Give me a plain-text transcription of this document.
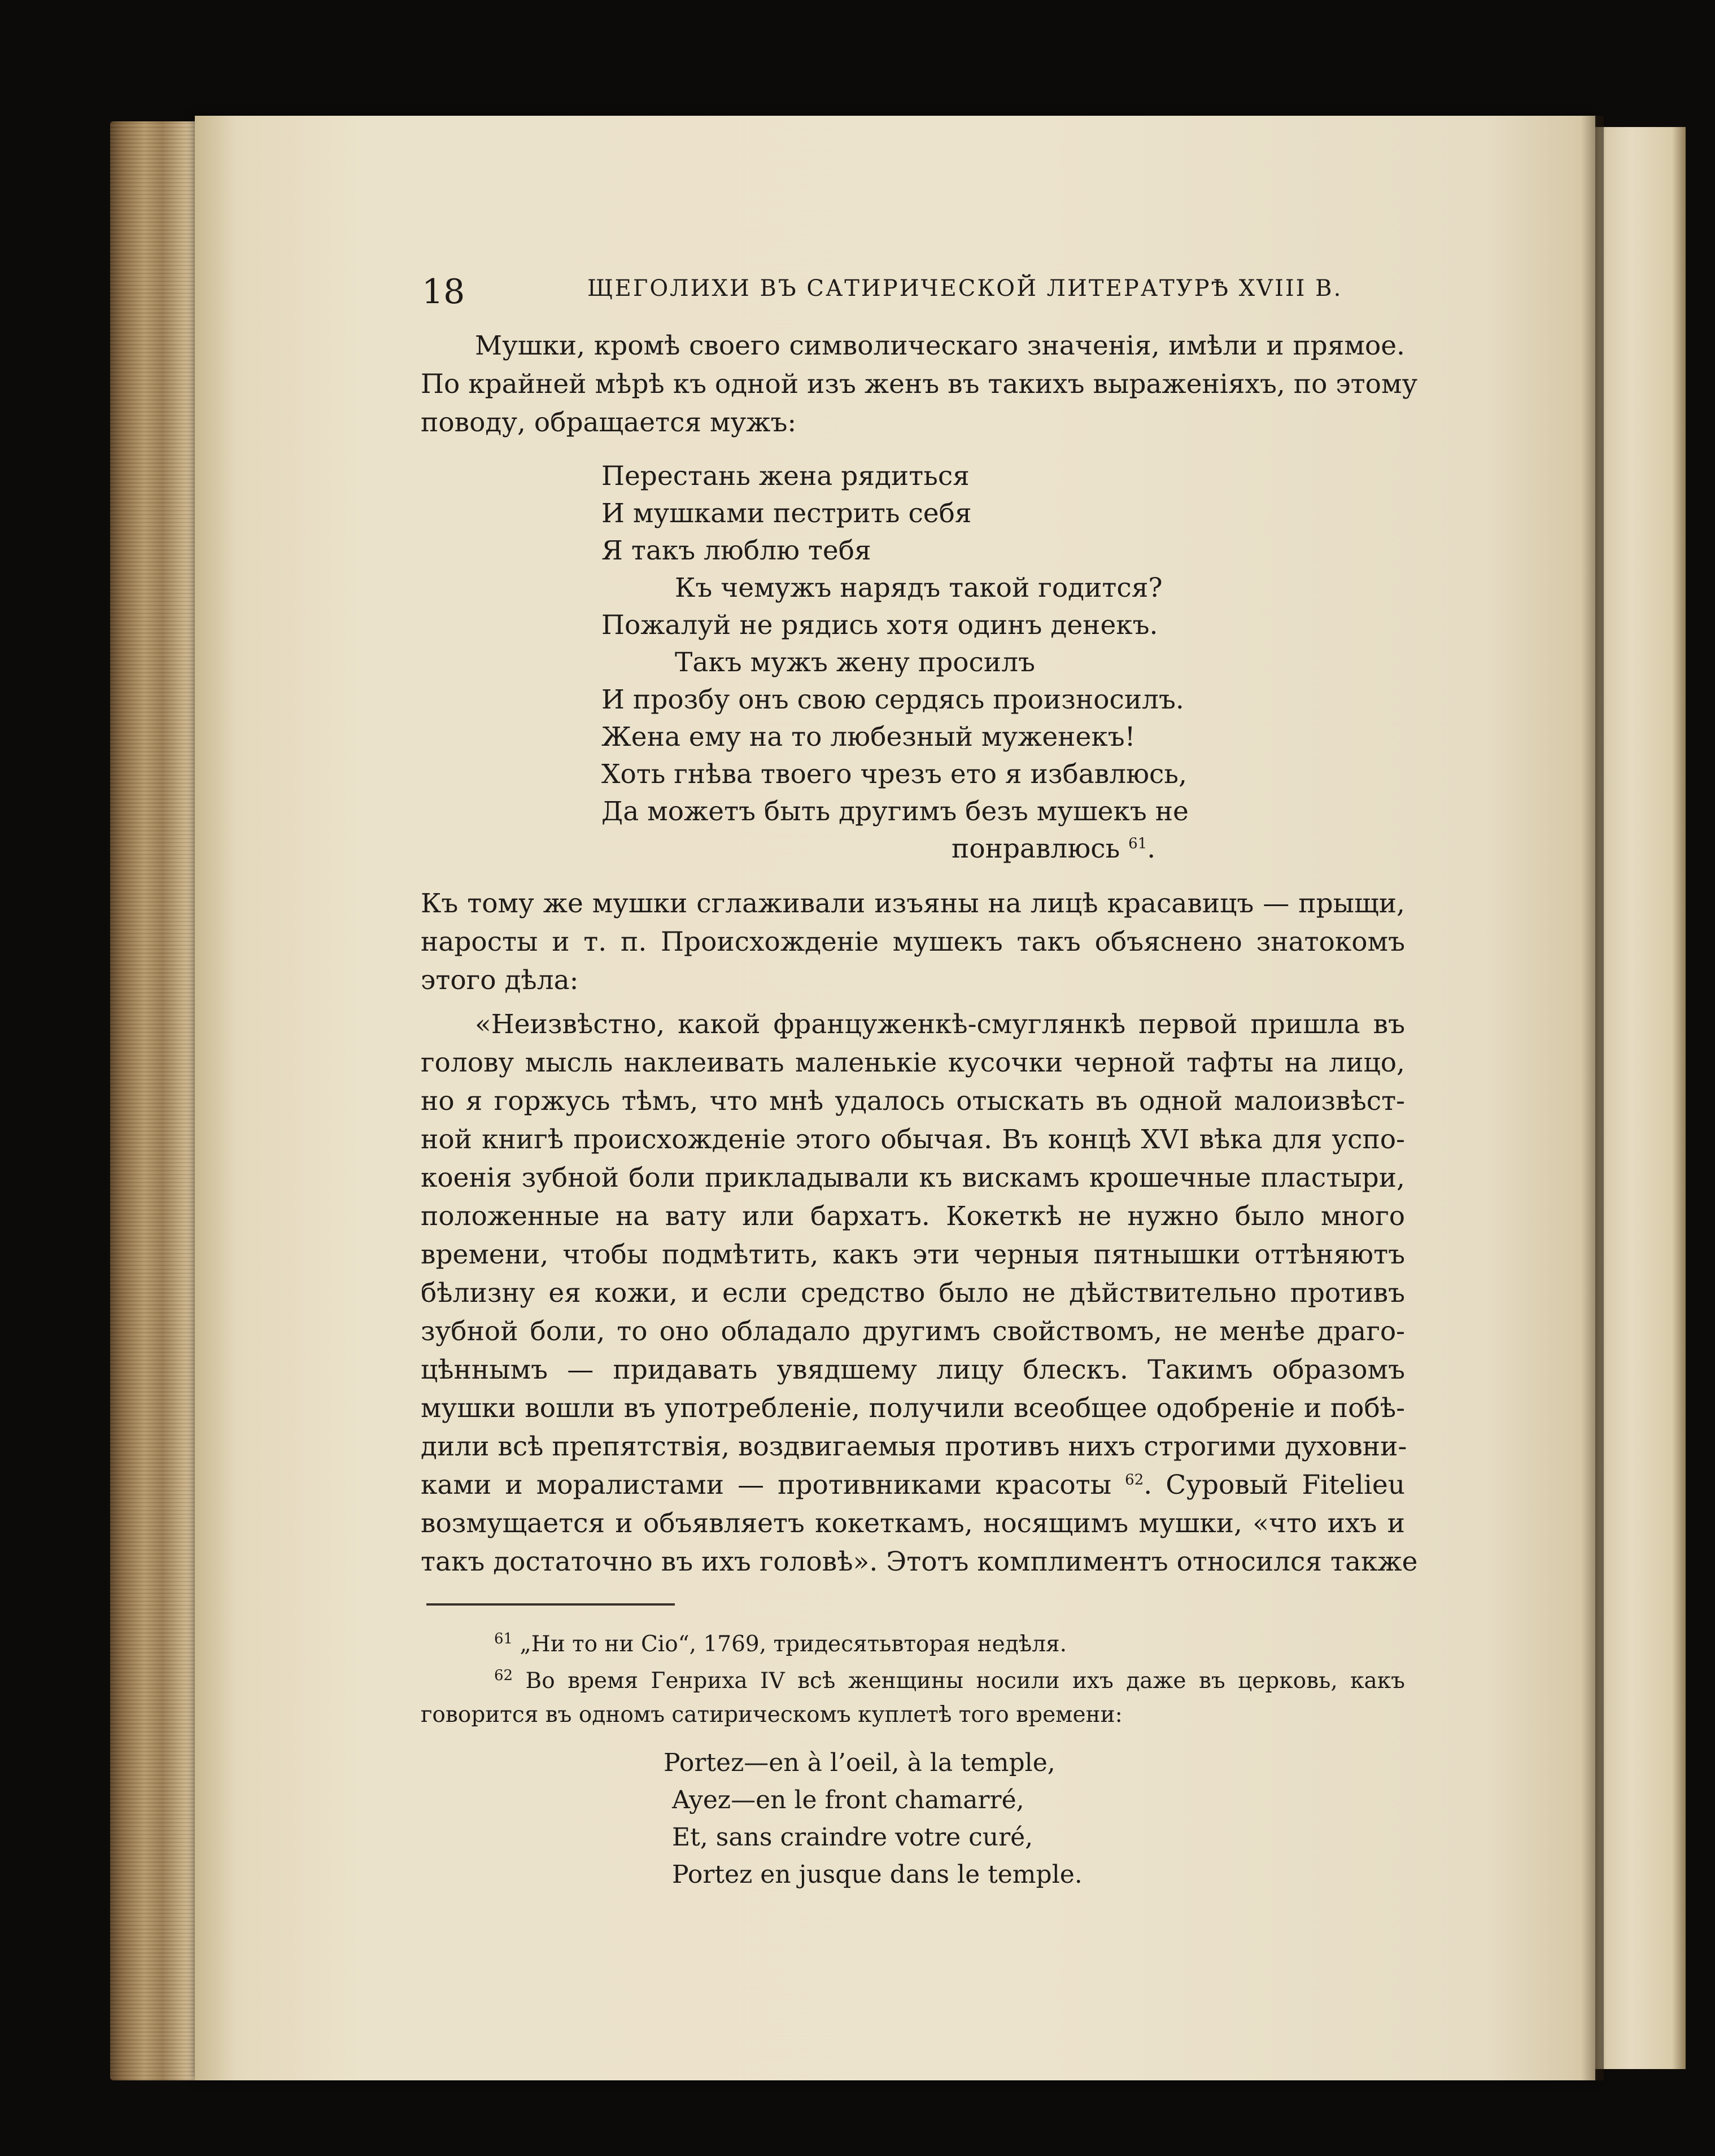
18	ЩЕГОЛИХИ ВЪ САТИРИЧЕСКОЙ ЛИТЕРАТУРѢ XVIII В.
Мушки, кромѣ своего символическаго значенія, имѣли и прямое.
По крайней мѣрѣ къ одной изъ женъ въ такихъ выраженіяхъ, по этому
поводу, обращается мужъ:
Перестань жена рядиться
И мушками пестрить себя
Я такъ люблю тебя
Къ чемужъ нарядъ такой годится?
Пожалуй не рядись хотя одинъ денекъ.
Такъ мужъ жену просилъ
И прозбу онъ свою сердясь произносилъ.
Жена ему на то любезный муженекъ!
Хоть гнѣва твоего чрезъ ето я избавлюсь,
Да можетъ быть другимъ безъ мушекъ не
понравлюсь $^{61}$.
Къ тому же мушки сглаживали изъяны на лицѣ красавицъ — прыщи,
наросты и т. п. Происхожденіе мушекъ такъ объяснено знатокомъ
этого дѣла:
«Неизвѣстно, какой француженкѣ-смуглянкѣ первой пришла въ
голову мысль наклеивать маленькіе кусочки черной тафты на лицо,
но я горжусь тѣмъ, что мнѣ удалось отыскать въ одной малоизвѣст-
ной книгѣ происхожденіе этого обычая. Въ концѣ XVI вѣка для успо-
коенія зубной боли прикладывали къ вискамъ крошечные пластыри,
положенные на вату или бархатъ. Кокеткѣ не нужно было много
времени, чтобы подмѣтить, какъ эти черныя пятнышки оттѣняютъ
бѣлизну ея кожи, и если средство было не дѣйствительно противъ
зубной боли, то оно обладало другимъ свойствомъ, не менѣе драго-
цѣннымъ — придавать увядшему лицу блескъ. Такимъ образомъ
мушки вошли въ употребленіе, получили всеобщее одобреніе и побѣ-
дили всѣ препятствія, воздвигаемыя противъ нихъ строгими духовни-
ками и моралистами — противниками красоты $^{62}$. Суровый Fitelieu
возмущается и объявляетъ кокеткамъ, носящимъ мушки, «что ихъ и
такъ достаточно въ ихъ головѣ». Этотъ комплиментъ относился также
$^{61}$ „Ни то ни Сio“, 1769, тридесятьвторая недѣля.
$^{62}$ Во время Генриха IV всѣ женщины носили ихъ даже въ церковь, какъ
говорится въ одномъ сатирическомъ куплетѣ того времени:
Portez—en à l’oeil, à la temple,
Ayez—en le front chamarré,
Et, sans craindre votre curé,
Portez en jusque dans le temple.
